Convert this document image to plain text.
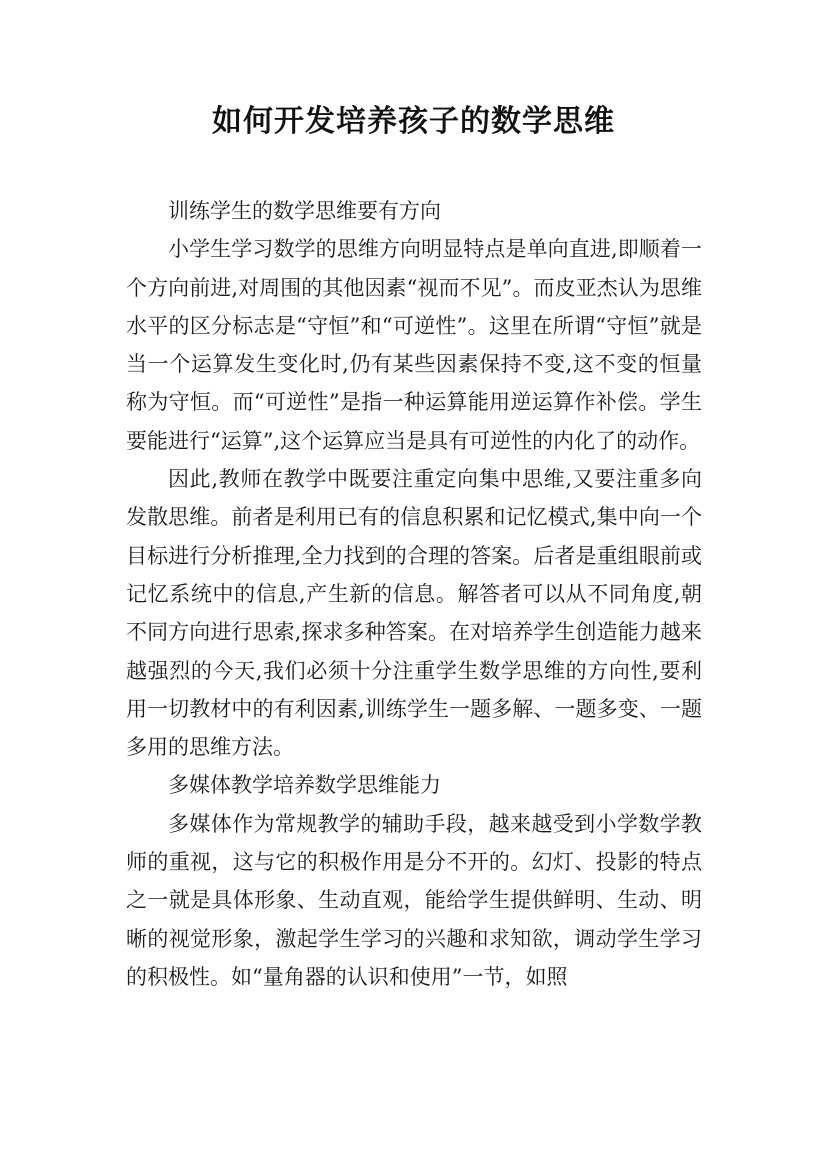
如何开发培养孩子的数学思维

训练学生的数学思维要有方向

小学生学习数学的思维方向明显特点是单向直进,即顺着一个方向前进,对周围的其他因素“视而不见”。而皮亚杰认为思维水平的区分标志是“守恒”和“可逆性”。这里在所谓“守恒”就是当一个运算发生变化时,仍有某些因素保持不变,这不变的恒量称为守恒。而“可逆性”是指一种运算能用逆运算作补偿。学生要能进行“运算”,这个运算应当是具有可逆性的内化了的动作。

因此,教师在教学中既要注重定向集中思维,又要注重多向发散思维。前者是利用已有的信息积累和记忆模式,集中向一个目标进行分析推理,全力找到的合理的答案。后者是重组眼前或记忆系统中的信息,产生新的信息。解答者可以从不同角度,朝不同方向进行思索,探求多种答案。在对培养学生创造能力越来越强烈的今天,我们必须十分注重学生数学思维的方向性,要利用一切教材中的有利因素,训练学生一题多解、一题多变、一题多用的思维方法。

多媒体教学培养数学思维能力

多媒体作为常规教学的辅助手段，越来越受到小学数学教师的重视，这与它的积极作用是分不开的。幻灯、投影的特点之一就是具体形象、生动直观，能给学生提供鲜明、生动、明晰的视觉形象，激起学生学习的兴趣和求知欲，调动学生学习的积极性。如“量角器的认识和使用”一节，如照
